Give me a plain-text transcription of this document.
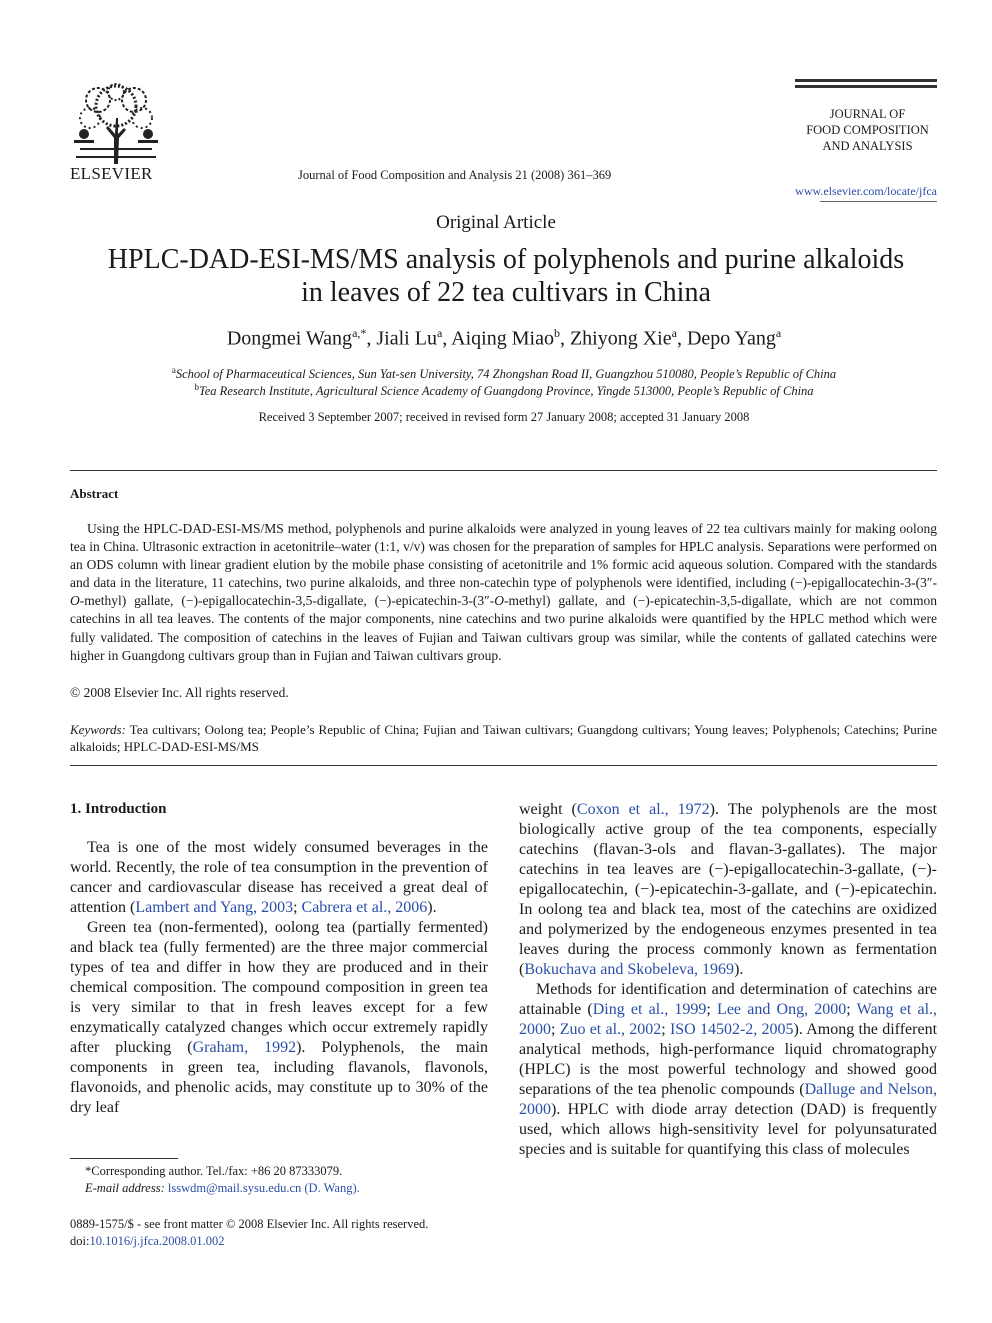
ELSEVIER	Journal of Food Composition and Analysis 21 (2008) 361–369
JOURNAL OF
FOOD COMPOSITION
AND ANALYSIS
www.elsevier.com/locate/jfca
Original Article
HPLC-DAD-ESI-MS/MS analysis of polyphenols and purine alkaloids
in leaves of 22 tea cultivars in China
Dongmei Wang$^{a,*}$, Jiali Lu$^a$, Aiqing Miao$^b$, Zhiyong Xie$^a$, Depo Yang$^a$
$^a$School of Pharmaceutical Sciences, Sun Yat-sen University, 74 Zhongshan Road II, Guangzhou 510080, People’s Republic of China
$^b$Tea Research Institute, Agricultural Science Academy of Guangdong Province, Yingde 513000, People’s Republic of China
Received 3 September 2007; received in revised form 27 January 2008; accepted 31 January 2008
Abstract

Using the HPLC-DAD-ESI-MS/MS method, polyphenols and purine alkaloids were analyzed in young leaves of 22 tea cultivars mainly for making oolong tea in China. Ultrasonic extraction in acetonitrile–water (1:1, v/v) was chosen for the preparation of samples for HPLC analysis. Separations were performed on an ODS column with linear gradient elution by the mobile phase consisting of acetonitrile and 1% formic acid aqueous solution. Compared with the standards and data in the literature, 11 catechins, two purine alkaloids, and three non-catechin type of polyphenols were identified, including (−)-epigallocatechin-3-(3″-O-methyl) gallate, (−)-epigallocatechin-3,5-digallate, (−)-epicatechin-3-(3″-O-methyl) gallate, and (−)-epicatechin-3,5-digallate, which are not common catechins in all tea leaves. The contents of the major components, nine catechins and two purine alkaloids were quantified by the HPLC method which were fully validated. The composition of catechins in the leaves of Fujian and Taiwan cultivars group was similar, while the contents of gallated catechins were higher in Guangdong cultivars group than in Fujian and Taiwan cultivars group.

© 2008 Elsevier Inc. All rights reserved.
Keywords: Tea cultivars; Oolong tea; People’s Republic of China; Fujian and Taiwan cultivars; Guangdong cultivars; Young leaves; Polyphenols; Catechins; Purine alkaloids; HPLC-DAD-ESI-MS/MS
1. Introduction

Tea is one of the most widely consumed beverages in the world. Recently, the role of tea consumption in the prevention of cancer and cardiovascular disease has received a great deal of attention (Lambert and Yang, 2003; Cabrera et al., 2006).

Green tea (non-fermented), oolong tea (partially fermented) and black tea (fully fermented) are the three major commercial types of tea and differ in how they are produced and in their chemical composition. The compound composition in green tea is very similar to that in fresh leaves except for a few enzymatically catalyzed changes which occur extremely rapidly after plucking (Graham, 1992). Polyphenols, the main components in green tea, including flavanols, flavonols, flavonoids, and phenolic acids, may constitute up to 30% of the dry leaf

weight (Coxon et al., 1972). The polyphenols are the most biologically active group of the tea components, especially catechins (flavan-3-ols and flavan-3-gallates). The major catechins in tea leaves are (−)-epigallocatechin-3-gallate, (−)-epigallocatechin, (−)-epicatechin-3-gallate, and (−)-epicatechin. In oolong tea and black tea, most of the catechins are oxidized and polymerized by the endogeneous enzymes presented in tea leaves during the process commonly known as fermentation (Bokuchava and Skobeleva, 1969).

Methods for identification and determination of catechins are attainable (Ding et al., 1999; Lee and Ong, 2000; Wang et al., 2000; Zuo et al., 2002; ISO 14502-2, 2005). Among the different analytical methods, high-performance liquid chromatography (HPLC) is the most powerful technology and showed good separations of the tea phenolic compounds (Dalluge and Nelson, 2000). HPLC with diode array detection (DAD) is frequently used, which allows high-sensitivity level for polyunsaturated species and is suitable for quantifying this class of molecules

*Corresponding author. Tel./fax: +86 20 87333079.
E-mail address: lsswdm@mail.sysu.edu.cn (D. Wang).
0889-1575/$ - see front matter © 2008 Elsevier Inc. All rights reserved.
doi:10.1016/j.jfca.2008.01.002
